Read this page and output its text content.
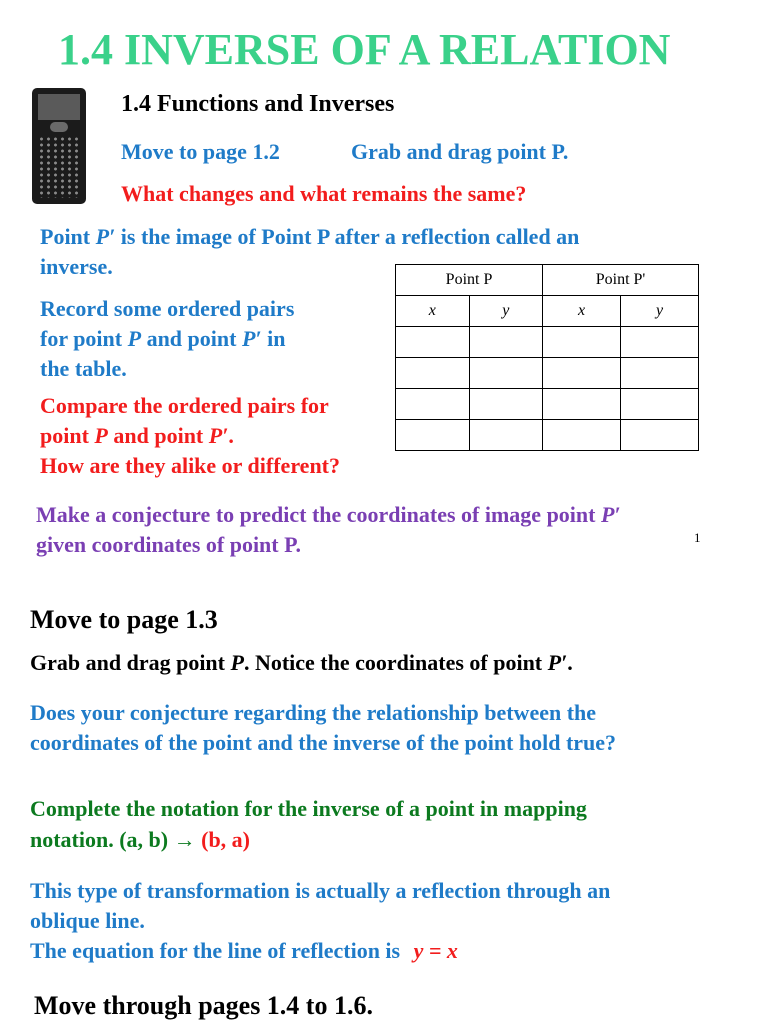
1.4 INVERSE OF A RELATION
1.4 Functions and Inverses
Move to page 1.2	Grab and drag point P.
What changes and what remains the same?
Point P′ is the image of Point P after a reflection called an
inverse.
Record some ordered pairs
for point P and point P′ in
the table.
Compare the ordered pairs for
point P and point P′.
How are they alike or different?
Point P		Point P'	
x	y	x	y

Make a conjecture to predict the coordinates of image point P′
given coordinates of point P.	1
Move to page 1.3
Grab and drag point P. Notice the coordinates of point P′.
Does your conjecture regarding the relationship between the
coordinates of the point and the inverse of the point hold true?
Complete the notation for the inverse of a point in mapping
notation. (a, b) → (b, a)
This type of transformation is actually a reflection through an
oblique line.
The equation for the line of reflection is y = x
Move through pages 1.4 to 1.6.
